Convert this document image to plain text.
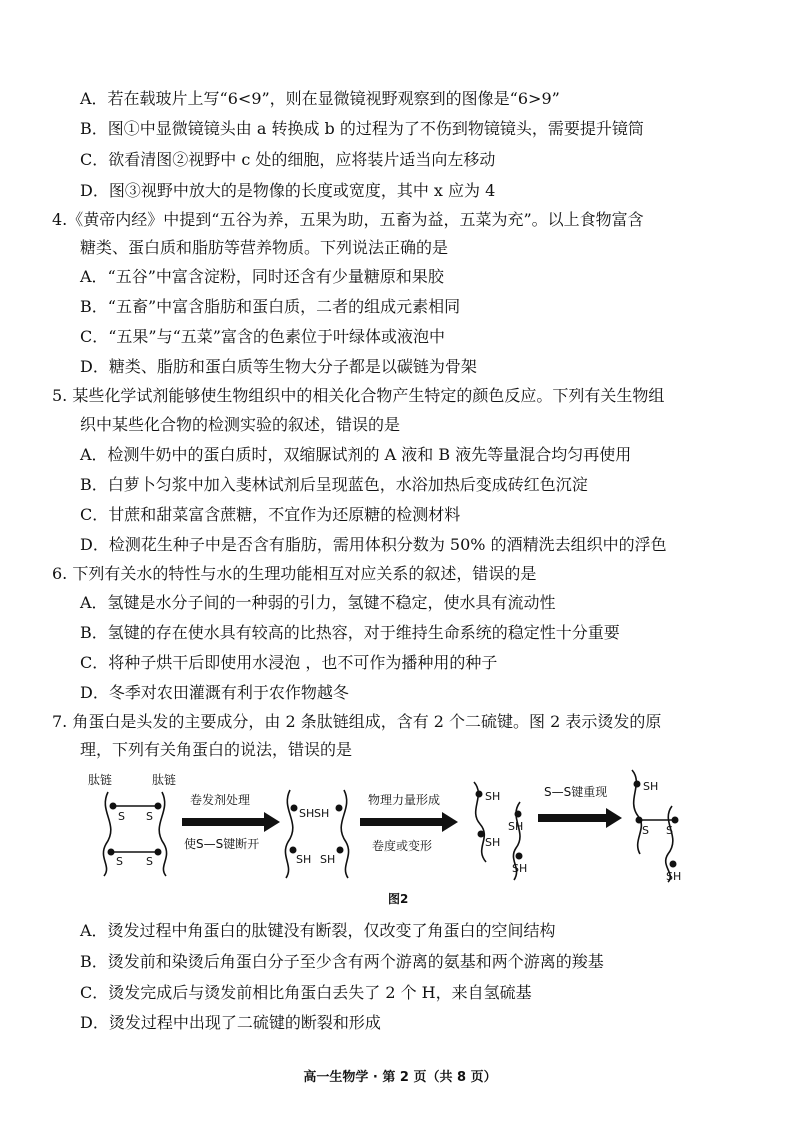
A．若在载玻片上写“6<9”，则在显微镜视野观察到的图像是“6>9”
B．图①中显微镜镜头由 a 转换成 b 的过程为了不伤到物镜镜头，需要提升镜筒
C．欲看清图②视野中 c 处的细胞，应将装片适当向左移动
D．图③视野中放大的是物像的长度或宽度，其中 x 应为 4
4.《黄帝内经》中提到“五谷为养，五果为助，五畜为益，五菜为充”。以上食物富含
糖类、蛋白质和脂肪等营养物质。下列说法正确的是
A．“五谷”中富含淀粉，同时还含有少量糖原和果胶
B．“五畜”中富含脂肪和蛋白质，二者的组成元素相同
C．“五果”与“五菜”富含的色素位于叶绿体或液泡中
D．糖类、脂肪和蛋白质等生物大分子都是以碳链为骨架
5. 某些化学试剂能够使生物组织中的相关化合物产生特定的颜色反应。下列有关生物组
织中某些化合物的检测实验的叙述，错误的是
A．检测牛奶中的蛋白质时，双缩脲试剂的 A 液和 B 液先等量混合均匀再使用
B．白萝卜匀浆中加入斐林试剂后呈现蓝色，水浴加热后变成砖红色沉淀
C．甘蔗和甜菜富含蔗糖，不宜作为还原糖的检测材料
D．检测花生种子中是否含有脂肪，需用体积分数为 50% 的酒精洗去组织中的浮色
6. 下列有关水的特性与水的生理功能相互对应关系的叙述，错误的是
A．氢键是水分子间的一种弱的引力，氢键不稳定，使水具有流动性
B．氢键的存在使水具有较高的比热容，对于维持生命系统的稳定性十分重要
C．将种子烘干后即使用水浸泡 ，也不可作为播种用的种子
D．冬季对农田灌溉有利于农作物越冬
7. 角蛋白是头发的主要成分，由 2 条肽链组成，含有 2 个二硫键。图 2 表示烫发的原
理，下列有关角蛋白的说法，错误的是
肽链	肽链
S S
S S
卷发剂处理
使S—S键断开
SH SH
SH SH
物理力量形成
卷度或变形
SH
SH
SH
SH
S—S键重现	SH
S S
SH
图2
A．烫发过程中角蛋白的肽键没有断裂，仅改变了角蛋白的空间结构
B．烫发前和染烫后角蛋白分子至少含有两个游离的氨基和两个游离的羧基
C．烫发完成后与烫发前相比角蛋白丢失了 2 个 H，来自氢硫基
D．烫发过程中出现了二硫键的断裂和形成
高一生物学 · 第 2 页（共 8 页）
